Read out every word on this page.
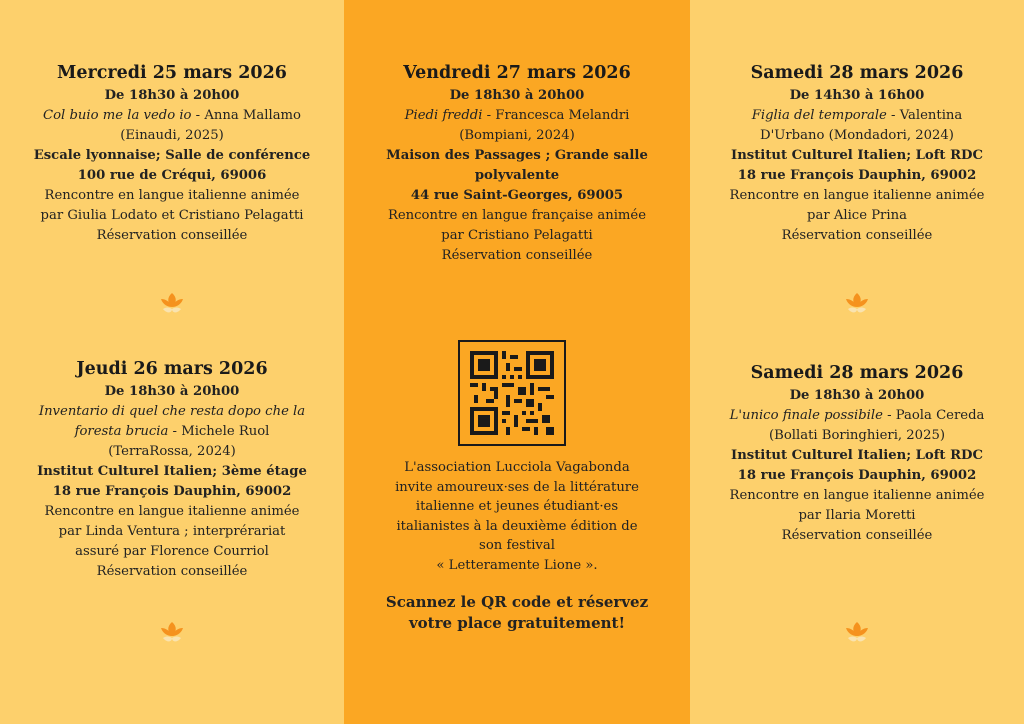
Mercredi 25 mars 2026
De 18h30 à 20h00
Col buio me la vedo io - Anna Mallamo
(Einaudi, 2025)
Escale lyonnaise; Salle de conférence
100 rue de Créqui, 69006
Rencontre en langue italienne animée
par Giulia Lodato et Cristiano Pelagatti
Réservation conseillée
Jeudi 26 mars 2026
De 18h30 à 20h00
Inventario di quel che resta dopo che la
foresta brucia - Michele Ruol
(TerraRossa, 2024)
Institut Culturel Italien; 3ème étage
18 rue François Dauphin, 69002
Rencontre en langue italienne animée
par Linda Ventura ; interprérariat
assuré par Florence Courriol
Réservation conseillée
Vendredi 27 mars 2026
De 18h30 à 20h00
Piedi freddi - Francesca Melandri
(Bompiani, 2024)
Maison des Passages ; Grande salle
polyvalente
44 rue Saint-Georges, 69005
Rencontre en langue française animée
par Cristiano Pelagatti
Réservation conseillée
L'association Lucciola Vagabonda
invite amoureux·ses de la littérature
italienne et jeunes étudiant·es
italianistes à la deuxième édition de
son festival
« Letteramente Lione ».
Scannez le QR code et réservez
votre place gratuitement!
Samedi 28 mars 2026
De 14h30 à 16h00
Figlia del temporale - Valentina
D'Urbano (Mondadori, 2024)
Institut Culturel Italien; Loft RDC
18 rue François Dauphin, 69002
Rencontre en langue italienne animée
par Alice Prina
Réservation conseillée
Samedi 28 mars 2026
De 18h30 à 20h00
L'unico finale possibile - Paola Cereda
(Bollati Boringhieri, 2025)
Institut Culturel Italien; Loft RDC
18 rue François Dauphin, 69002
Rencontre en langue italienne animée
par Ilaria Moretti
Réservation conseillée
